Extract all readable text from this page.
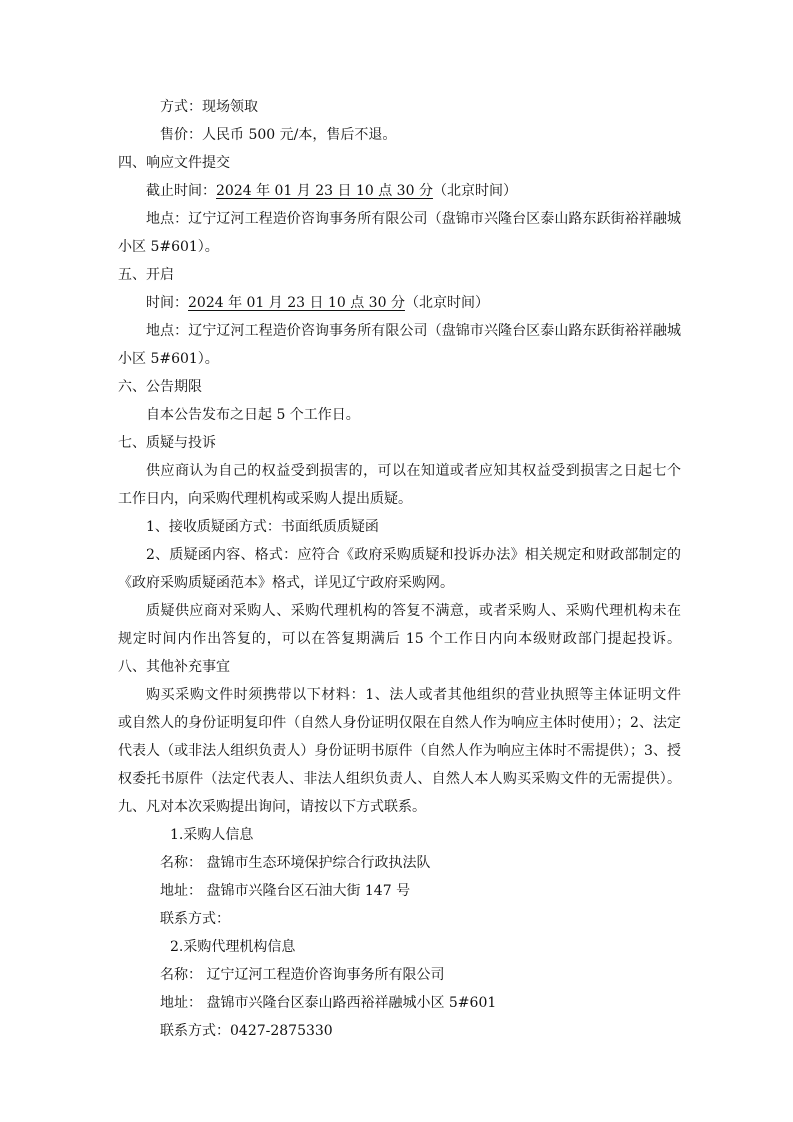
方式：现场领取
售价：人民币 500 元/本，售后不退。
四、响应文件提交
截止时间：2024 年 01 月 23 日 10 点 30 分（北京时间）
地点：辽宁辽河工程造价咨询事务所有限公司（盘锦市兴隆台区泰山路东跃街裕祥融城
小区 5#601）。
五、开启
时间：2024 年 01 月 23 日 10 点 30 分（北京时间）
地点：辽宁辽河工程造价咨询事务所有限公司（盘锦市兴隆台区泰山路东跃街裕祥融城
小区 5#601）。
六、公告期限
自本公告发布之日起 5 个工作日。
七、质疑与投诉
供应商认为自己的权益受到损害的，可以在知道或者应知其权益受到损害之日起七个
工作日内，向采购代理机构或采购人提出质疑。
1、接收质疑函方式：书面纸质质疑函
2、质疑函内容、格式：应符合《政府采购质疑和投诉办法》相关规定和财政部制定的
《政府采购质疑函范本》格式，详见辽宁政府采购网。
质疑供应商对采购人、采购代理机构的答复不满意，或者采购人、采购代理机构未在
规定时间内作出答复的，可以在答复期满后 15 个工作日内向本级财政部门提起投诉。
八、其他补充事宜
购买采购文件时须携带以下材料：1、法人或者其他组织的营业执照等主体证明文件
或自然人的身份证明复印件（自然人身份证明仅限在自然人作为响应主体时使用）；2、法定
代表人（或非法人组织负责人）身份证明书原件（自然人作为响应主体时不需提供）；3、授
权委托书原件（法定代表人、非法人组织负责人、自然人本人购买采购文件的无需提供）。
九、凡对本次采购提出询问，请按以下方式联系。
1.采购人信息
名称： 盘锦市生态环境保护综合行政执法队
地址： 盘锦市兴隆台区石油大街 147 号
联系方式：
2.采购代理机构信息
名称： 辽宁辽河工程造价咨询事务所有限公司
地址： 盘锦市兴隆台区泰山路西裕祥融城小区 5#601
联系方式：0427-2875330
